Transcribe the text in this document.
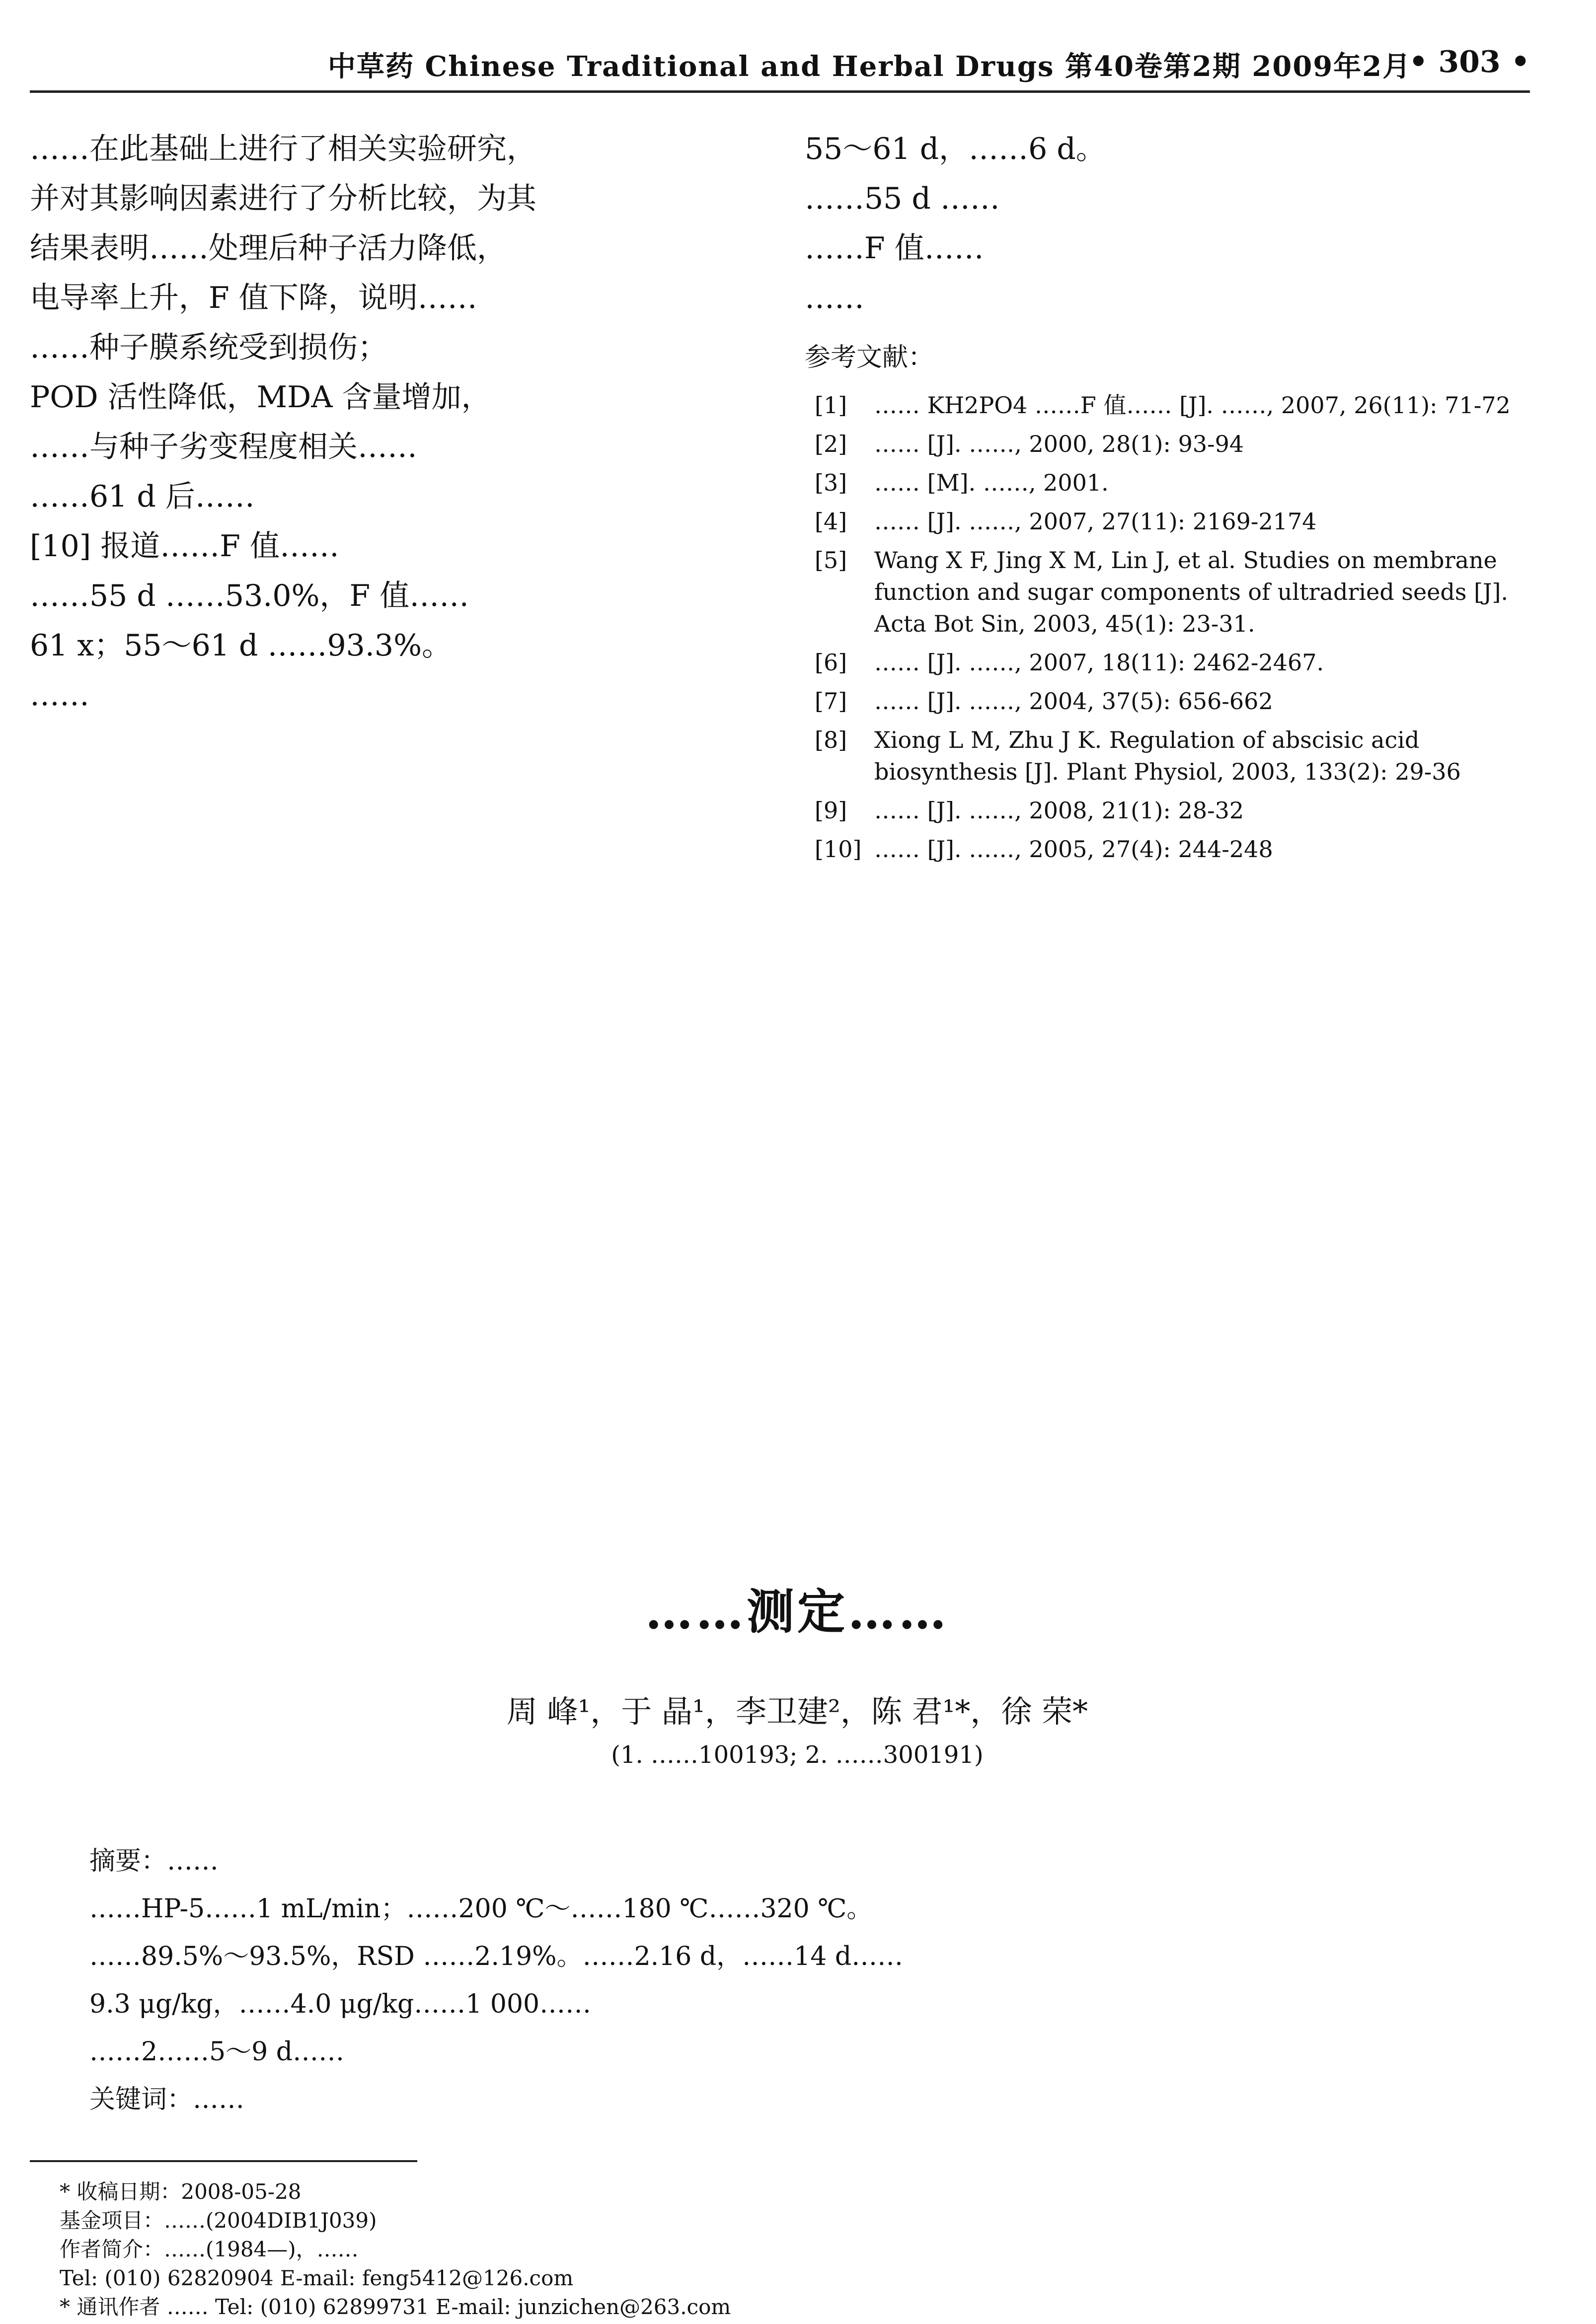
中草药 Chinese Traditional and Herbal Drugs 第40卷第2期 2009年2月
• 303 •
……在此基础上进行了相关实验研究，
并对其影响因素进行了分析比较，为其
结果表明……处理后种子活力降低，
电导率上升，F 值下降，说明……
……种子膜系统受到损伤；
POD 活性降低，MDA 含量增加，
……与种子劣变程度相关……
……61 d 后……
[10] 报道……F 值……
……55 d ……53.0%，F 值……
61 x；55～61 d ……93.3%。
……
55～61 d，……6 d。
……55 d ……
……F 值……
……
参考文献：
[1] …… KH2PO4 ……F 值…… [J]. ……, 2007, 26(11): 71-72
[2] …… [J]. ……, 2000, 28(1): 93-94
[3] …… [M]. ……, 2001.
[4] …… [J]. ……, 2007, 27(11): 2169-2174
[5] Wang X F, Jing X M, Lin J, et al. Studies on membrane function and sugar components of ultradried seeds [J]. Acta Bot Sin, 2003, 45(1): 23-31.
[6] …… [J]. ……, 2007, 18(11): 2462-2467.
[7] …… [J]. ……, 2004, 37(5): 656-662
[8] Xiong L M, Zhu J K. Regulation of abscisic acid biosynthesis [J]. Plant Physiol, 2003, 133(2): 29-36
[9] …… [J]. ……, 2008, 21(1): 28-32
[10] …… [J]. ……, 2005, 27(4): 244-248
……测定……
周 峰¹，于 晶¹，李卫建²，陈 君¹*，徐 荣*
(1. ……100193; 2. ……300191)
摘要：……
……HP-5……1 mL/min；……200 ℃～……180 ℃……320 ℃。
……89.5%～93.5%，RSD ……2.19%。……2.16 d，……14 d……
9.3 μg/kg，……4.0 μg/kg……1 000……
……2……5～9 d……
关键词：……
* 收稿日期：2008-05-28
基金项目：……(2004DIB1J039)
作者简介：……(1984—)，……
Tel: (010) 62820904 E-mail: feng5412@126.com
* 通讯作者 …… Tel: (010) 62899731 E-mail: junzichen@263.com
